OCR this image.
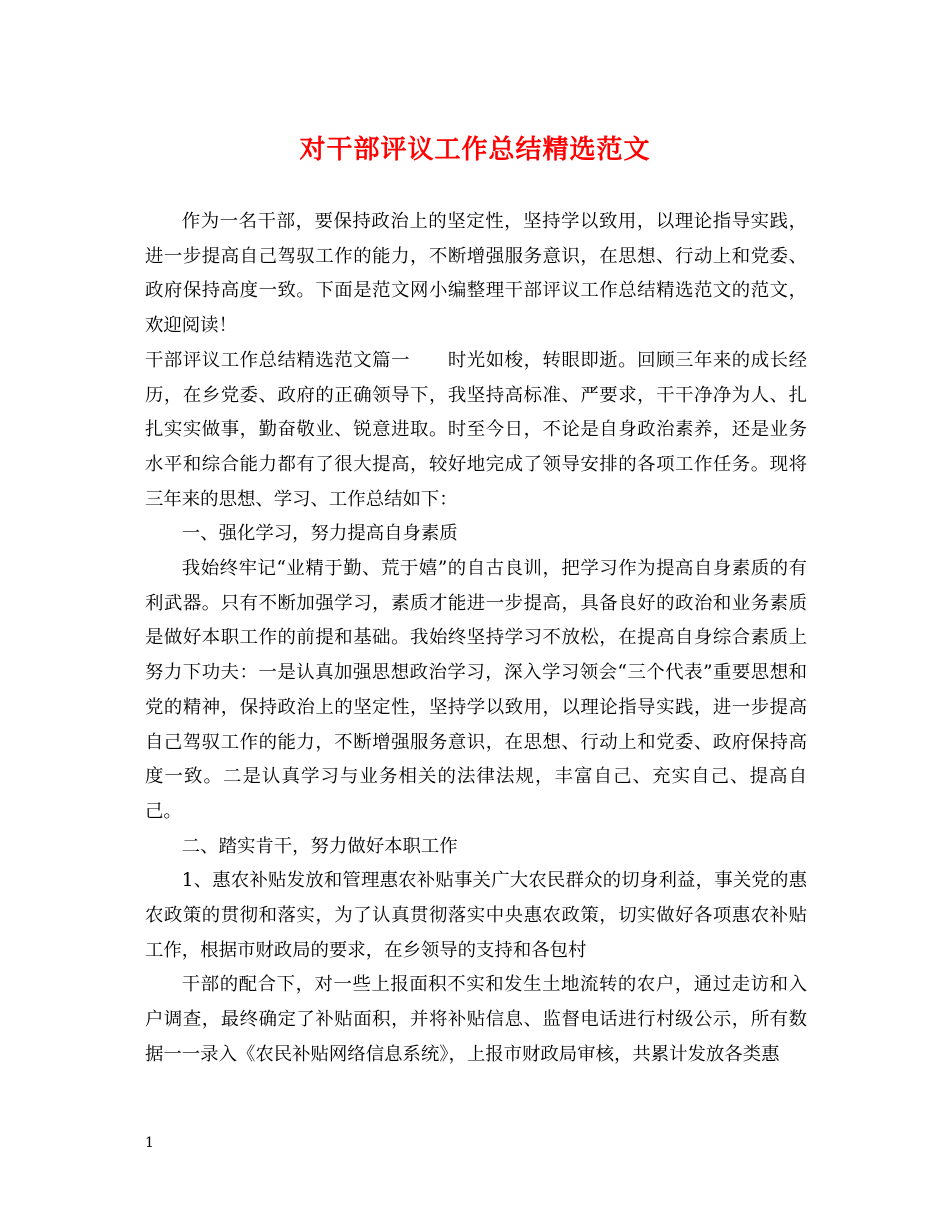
对干部评议工作总结精选范文

作为一名干部，要保持政治上的坚定性，坚持学以致用，以理论指导实践，进一步提高自己驾驭工作的能力，不断增强服务意识，在思想、行动上和党委、政府保持高度一致。下面是范文网小编整理干部评议工作总结精选范文的范文，欢迎阅读！

干部评议工作总结精选范文篇一　　时光如梭，转眼即逝。回顾三年来的成长经历，在乡党委、政府的正确领导下，我坚持高标准、严要求，干干净净为人、扎扎实实做事，勤奋敬业、锐意进取。时至今日，不论是自身政治素养，还是业务水平和综合能力都有了很大提高，较好地完成了领导安排的各项工作任务。现将三年来的思想、学习、工作总结如下：

一、强化学习，努力提高自身素质

我始终牢记“业精于勤、荒于嬉”的自古良训，把学习作为提高自身素质的有利武器。只有不断加强学习，素质才能进一步提高，具备良好的政治和业务素质是做好本职工作的前提和基础。我始终坚持学习不放松，在提高自身综合素质上努力下功夫：一是认真加强思想政治学习，深入学习领会“三个代表”重要思想和党的精神，保持政治上的坚定性，坚持学以致用，以理论指导实践，进一步提高自己驾驭工作的能力，不断增强服务意识，在思想、行动上和党委、政府保持高度一致。二是认真学习与业务相关的法律法规，丰富自己、充实自己、提高自己。

二、踏实肯干，努力做好本职工作

1、惠农补贴发放和管理惠农补贴事关广大农民群众的切身利益，事关党的惠农政策的贯彻和落实，为了认真贯彻落实中央惠农政策，切实做好各项惠农补贴工作，根据市财政局的要求，在乡领导的支持和各包村

干部的配合下，对一些上报面积不实和发生土地流转的农户，通过走访和入户调查，最终确定了补贴面积，并将补贴信息、监督电话进行村级公示，所有数据一一录入《农民补贴网络信息系统》，上报市财政局审核，共累计发放各类惠

1
